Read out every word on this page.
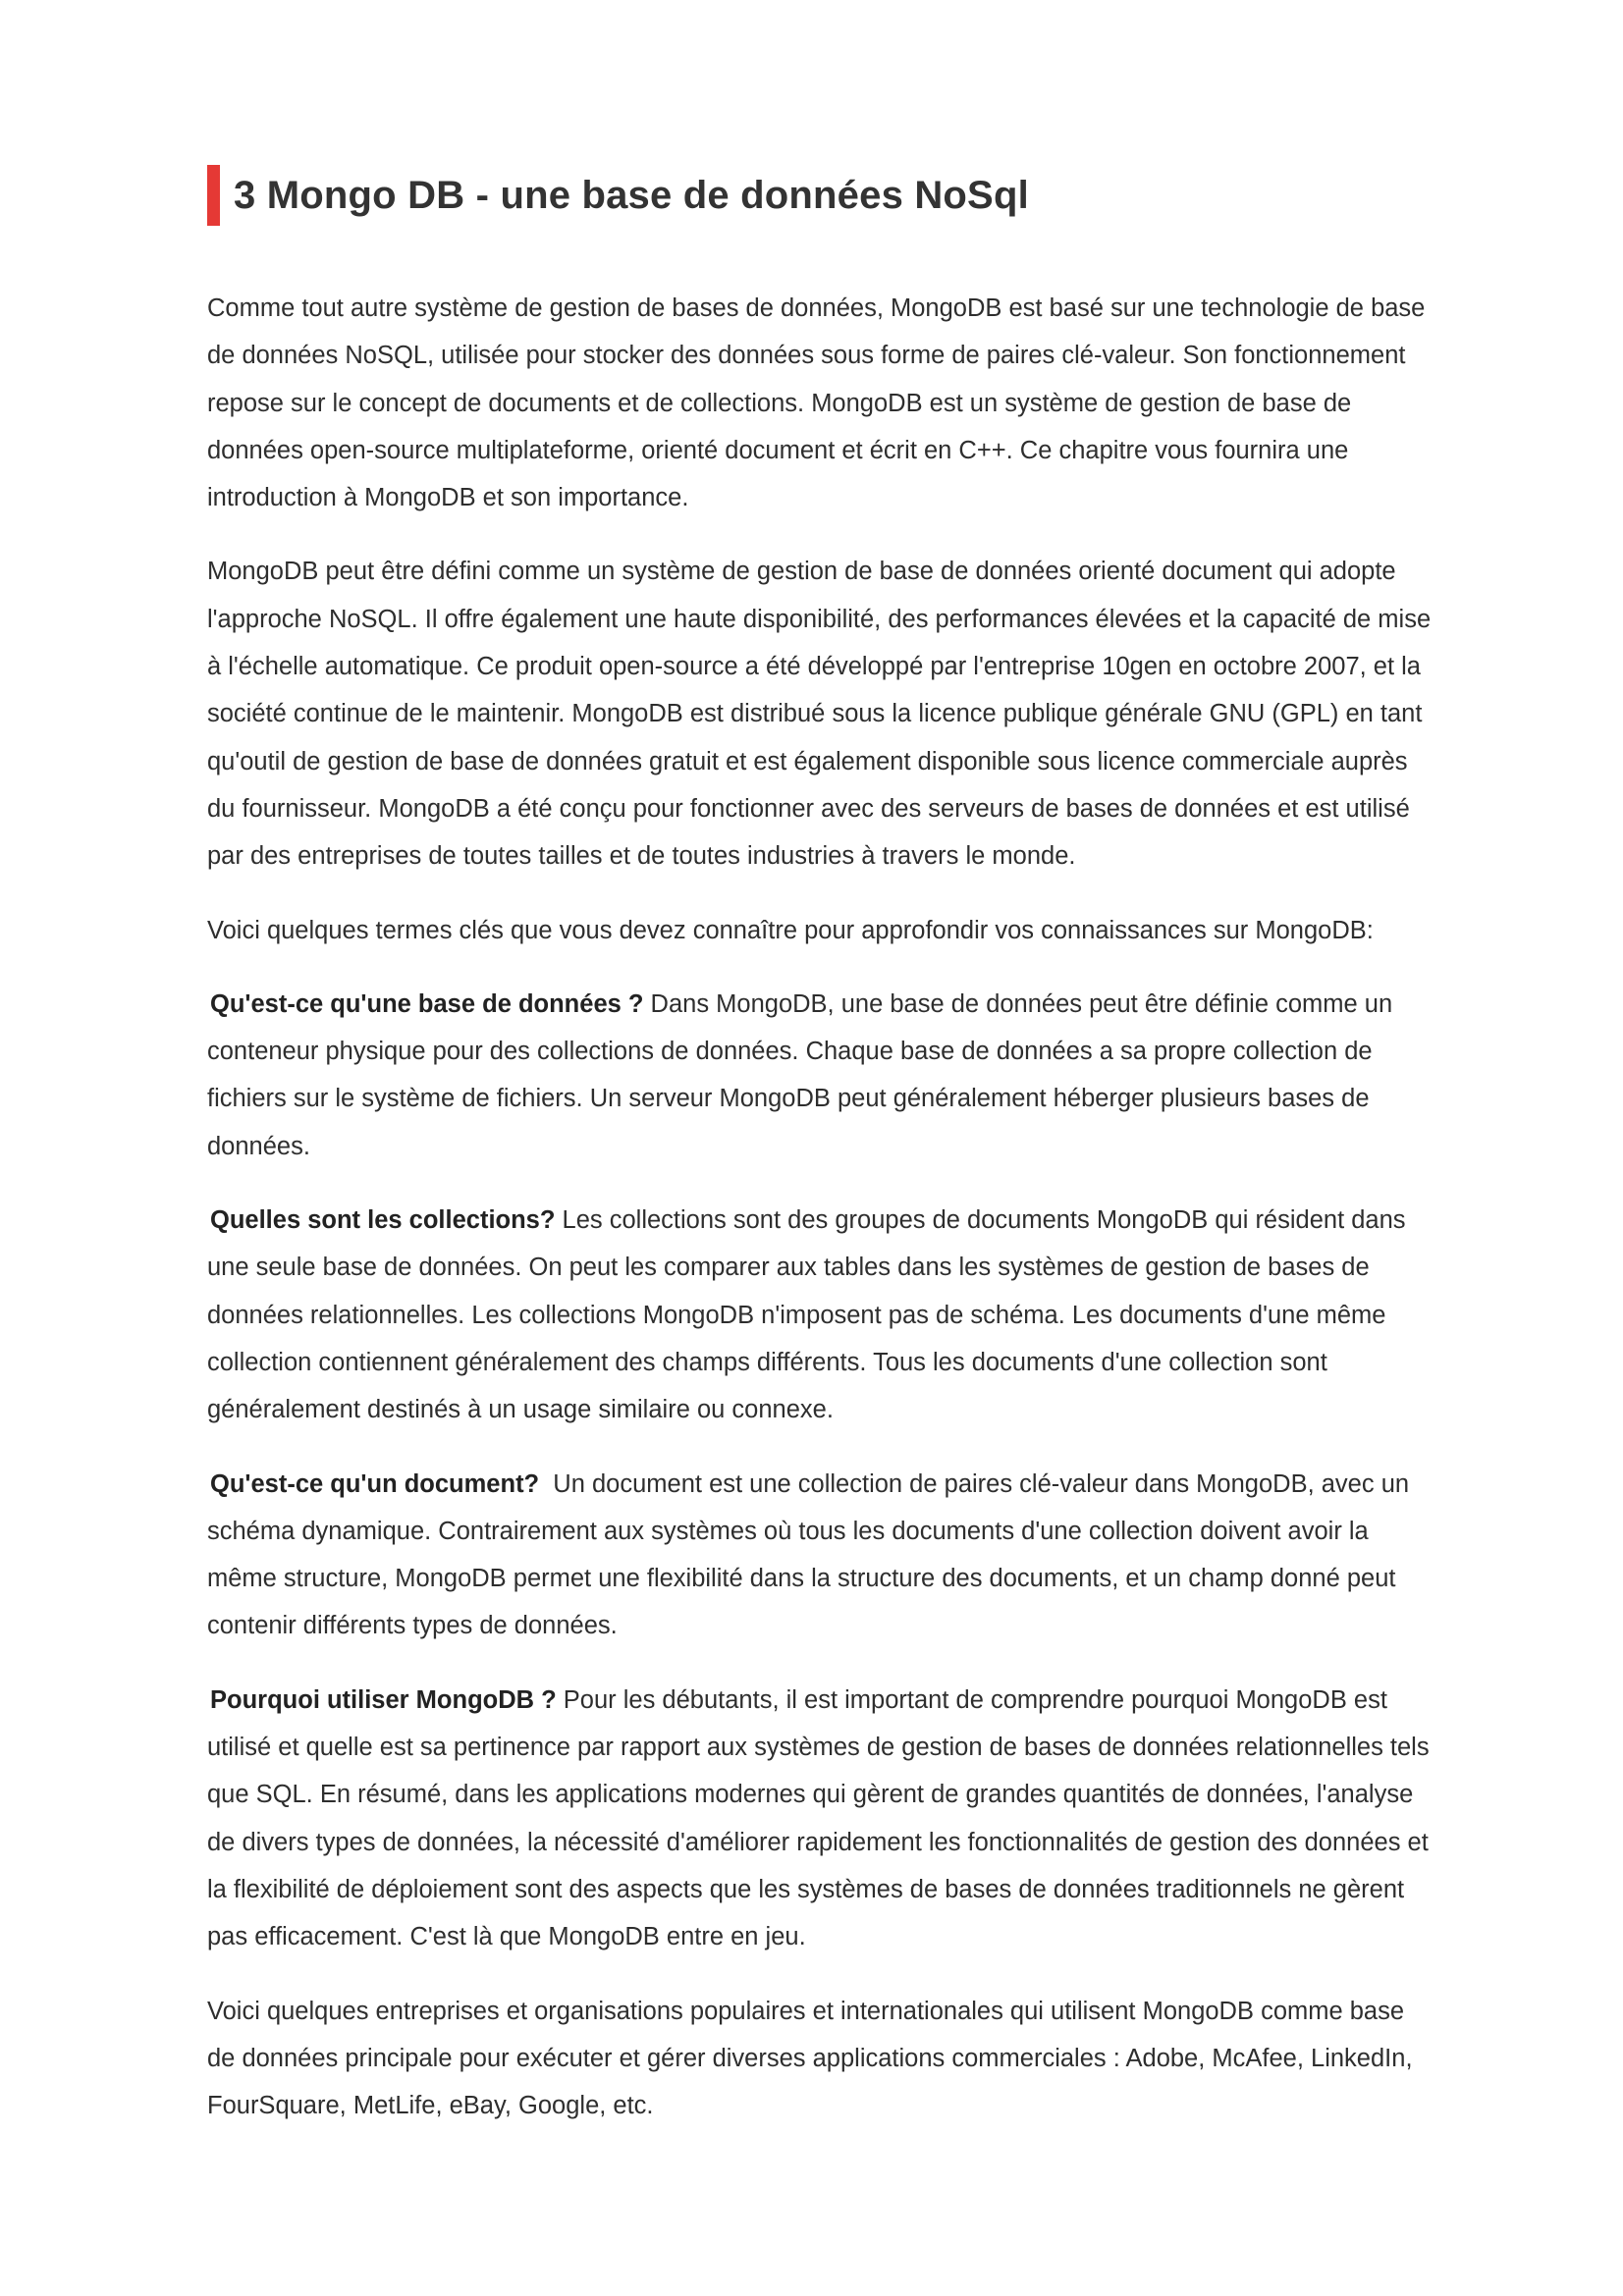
3 Mongo DB - une base de données NoSql

Comme tout autre système de gestion de bases de données, MongoDB est basé sur une technologie de base de données NoSQL, utilisée pour stocker des données sous forme de paires clé-valeur. Son fonctionnement repose sur le concept de documents et de collections. MongoDB est un système de gestion de base de données open-source multiplateforme, orienté document et écrit en C++. Ce chapitre vous fournira une introduction à MongoDB et son importance.

MongoDB peut être défini comme un système de gestion de base de données orienté document qui adopte l'approche NoSQL. Il offre également une haute disponibilité, des performances élevées et la capacité de mise à l'échelle automatique. Ce produit open-source a été développé par l'entreprise 10gen en octobre 2007, et la société continue de le maintenir. MongoDB est distribué sous la licence publique générale GNU (GPL) en tant qu'outil de gestion de base de données gratuit et est également disponible sous licence commerciale auprès du fournisseur. MongoDB a été conçu pour fonctionner avec des serveurs de bases de données et est utilisé par des entreprises de toutes tailles et de toutes industries à travers le monde.

Voici quelques termes clés que vous devez connaître pour approfondir vos connaissances sur MongoDB:

Qu'est-ce qu'une base de données ? Dans MongoDB, une base de données peut être définie comme un conteneur physique pour des collections de données. Chaque base de données a sa propre collection de fichiers sur le système de fichiers. Un serveur MongoDB peut généralement héberger plusieurs bases de données.

Quelles sont les collections? Les collections sont des groupes de documents MongoDB qui résident dans une seule base de données. On peut les comparer aux tables dans les systèmes de gestion de bases de données relationnelles. Les collections MongoDB n'imposent pas de schéma. Les documents d'une même collection contiennent généralement des champs différents. Tous les documents d'une collection sont généralement destinés à un usage similaire ou connexe.

Qu'est-ce qu'un document?  Un document est une collection de paires clé-valeur dans MongoDB, avec un schéma dynamique. Contrairement aux systèmes où tous les documents d'une collection doivent avoir la même structure, MongoDB permet une flexibilité dans la structure des documents, et un champ donné peut contenir différents types de données.

Pourquoi utiliser MongoDB ? Pour les débutants, il est important de comprendre pourquoi MongoDB est utilisé et quelle est sa pertinence par rapport aux systèmes de gestion de bases de données relationnelles tels que SQL. En résumé, dans les applications modernes qui gèrent de grandes quantités de données, l'analyse de divers types de données, la nécessité d'améliorer rapidement les fonctionnalités de gestion des données et la flexibilité de déploiement sont des aspects que les systèmes de bases de données traditionnels ne gèrent pas efficacement. C'est là que MongoDB entre en jeu.

Voici quelques entreprises et organisations populaires et internationales qui utilisent MongoDB comme base de données principale pour exécuter et gérer diverses applications commerciales : Adobe, McAfee, LinkedIn, FourSquare, MetLife, eBay, Google, etc.
